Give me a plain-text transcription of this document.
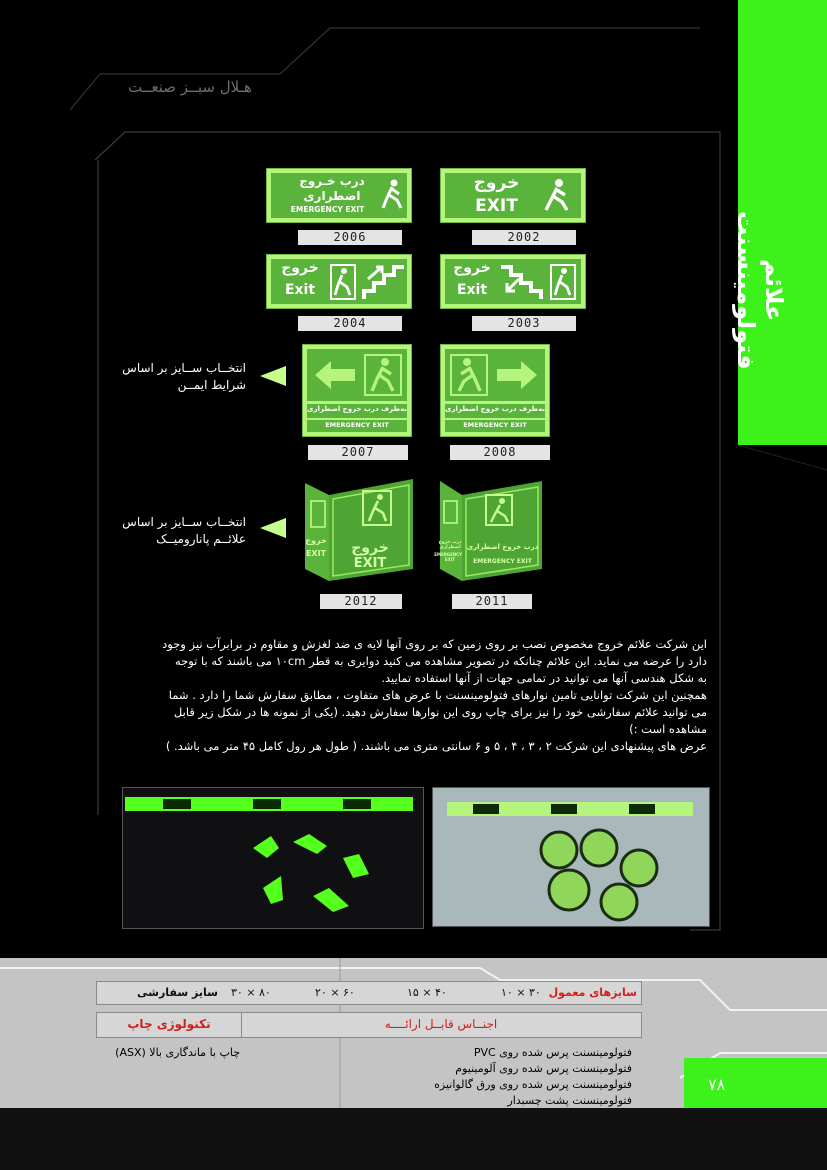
هـلال سبــز صنعــت
علائم فتولومینسنت
درب خـروج
اضطراری
EMERGENCY EXIT
2006
خروج
EXIT
2002
خروج
Exit
2004
خروج
Exit
2003
انتخــاب ســایز بر اساس
شرایط ایمــن
به‌طرف درب خروج اضطراری
EMERGENCY EXIT
2007
به‌طرف درب خروج اضطراری
EMERGENCY EXIT
2008
انتخــاب ســایز بر اساس
علائــم پاناروميــک
خروج
EXIT
EXIT
خروج
2012
درب خروج اضطراری
EMERGENCY EXIT
درب خروج اضطراری
EMERGENCY EXIT
2011
این شرکت علائم خروج مخصوص نصب بر روی زمین که بر روی آنها لایه ی ضد لغزش و مقاوم در برابرآب نیز وجود
دارد را عرضه می نماید. این علائم چنانکه در تصویر مشاهده می کنید دوایری به قطر ۱۰cm می باشند که با توجه
به شکل هندسی آنها می توانید در تمامی جهات از آنها استفاده تمایید.
همچنین این شرکت توانایی تامین نوارهای فتولومینسنت با عرض های متفاوت ، مطابق سفارش شما را دارد . شما
می توانید علائم سفارشی خود را نیز برای چاپ روی این نوارها سفارش دهید. (یکی از نمونه ها در شکل زیر قابل
مشاهده است :)
عرض های پیشنهادی این شرکت ۲ ، ۳ ، ۴ ، ۵ و ۶ سانتی متری می باشند. ( طول هر رول کامل ۴۵ متر می باشد. )
سایزهای معمول
۱۰ × ۳۰
۱۵ × ۴۰
۲۰ × ۶۰
۳۰ × ۸۰
سایز سفارشی
اجنــاس قابــل ارائــــه
تکنولوژی چاپ
فتولومینسنت پرس شده روی PVC
فتولومینسنت پرس شده روی آلومینیوم
فتولومینسنت پرس شده روی ورق گالوانیزه
فتولومینسنت پشت چسبدار
چاپ با ماندگاری بالا (ASX)
۷۸
